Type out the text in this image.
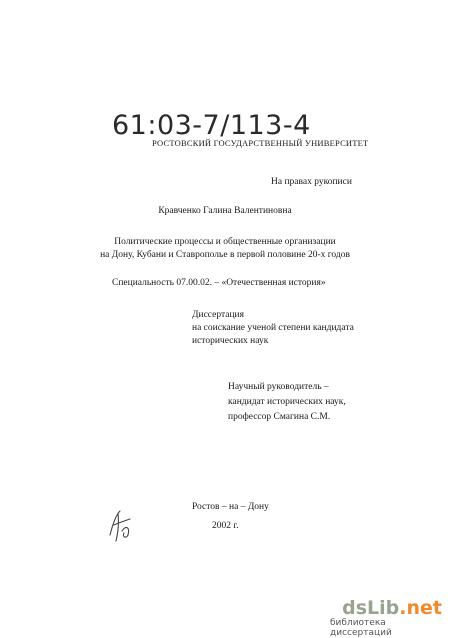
61:03-7/113-4
РОСТОВСКИЙ ГОСУДАРСТВЕННЫЙ УНИВЕРСИТЕТ
На правах рукописи
Кравченко Галина Валентиновна
Политические процессы и общественные организации
на Дону, Кубани и Ставрополье в первой половине 20-х годов
Специальность 07.00.02. – «Отечественная история»
Диссертация
на соискание ученой степени кандидата
исторических наук
Научный руководитель –
кандидат исторических наук,
профессор Смагина С.М.
Ростов – на – Дону
2002 г.
dsLib.net
библиотека диссертаций
